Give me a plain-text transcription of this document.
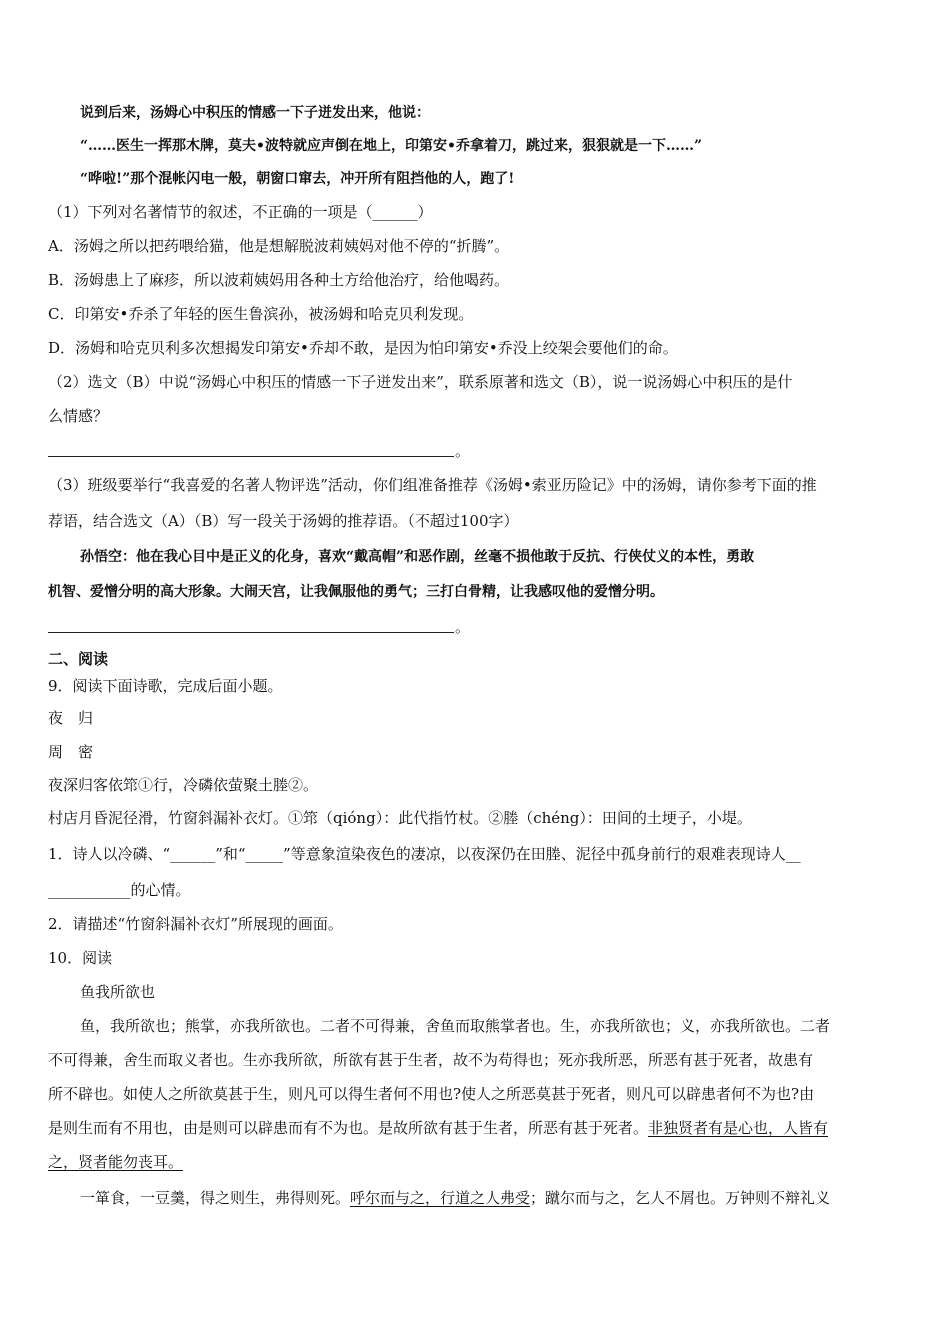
说到后来，汤姆心中积压的情感一下子迸发出来，他说：
“……医生一挥那木牌，莫夫•波特就应声倒在地上，印第安•乔拿着刀，跳过来，狠狠就是一下……”
“哗啦!”那个混帐闪电一般，朝窗口窜去，冲开所有阻挡他的人，跑了!
（1）下列对名著情节的叙述，不正确的一项是（______）
A．汤姆之所以把药喂给猫，他是想解脱波莉姨妈对他不停的“折腾”。
B．汤姆患上了麻疹，所以波莉姨妈用各种土方给他治疗，给他喝药。
C．印第安•乔杀了年轻的医生鲁滨孙，被汤姆和哈克贝利发现。
D．汤姆和哈克贝利多次想揭发印第安•乔却不敢，是因为怕印第安•乔没上绞架会要他们的命。
（2）选文（B）中说“汤姆心中积压的情感一下子迸发出来”，联系原著和选文（B），说一说汤姆心中积压的是什
么情感？
。
（3）班级要举行“我喜爱的名著人物评选”活动，你们组准备推荐《汤姆•索亚历险记》中的汤姆，请你参考下面的推
荐语，结合选文（A）（B）写一段关于汤姆的推荐语。（不超过100字）
孙悟空：他在我心目中是正义的化身，喜欢“戴高帽”和恶作剧，丝毫不损他敢于反抗、行侠仗义的本性，勇敢
机智、爱憎分明的高大形象。大闹天宫，让我佩服他的勇气；三打白骨精，让我感叹他的爱憎分明。
。
二、阅读
9．阅读下面诗歌，完成后面小题。
夜　归
周　密
夜深归客依筇①行，冷磷依萤聚土塍②。
村店月昏泥径滑，竹窗斜漏补衣灯。①筇（qióng）：此代指竹杖。②塍（chéng）：田间的土埂子，小堤。
1．诗人以冷磷、“______”和“_____”等意象渲染夜色的凄凉，以夜深仍在田塍、泥径中孤身前行的艰难表现诗人__
___________的心情。
2．请描述“竹窗斜漏补衣灯”所展现的画面。
10．阅读
鱼我所欲也
鱼，我所欲也；熊掌，亦我所欲也。二者不可得兼，舍鱼而取熊掌者也。生，亦我所欲也；义，亦我所欲也。二者
不可得兼，舍生而取义者也。生亦我所欲，所欲有甚于生者，故不为苟得也；死亦我所恶，所恶有甚于死者，故患有
所不辟也。如使人之所欲莫甚于生，则凡可以得生者何不用也?使人之所恶莫甚于死者，则凡可以辟患者何不为也?由
是则生而有不用也，由是则可以辟患而有不为也。是故所欲有甚于生者，所恶有甚于死者。非独贤者有是心也，人皆有
之，贤者能勿丧耳。
一箪食，一豆羹，得之则生，弗得则死。呼尔而与之，行道之人弗受；蹴尔而与之，乞人不屑也。万钟则不辩礼义
